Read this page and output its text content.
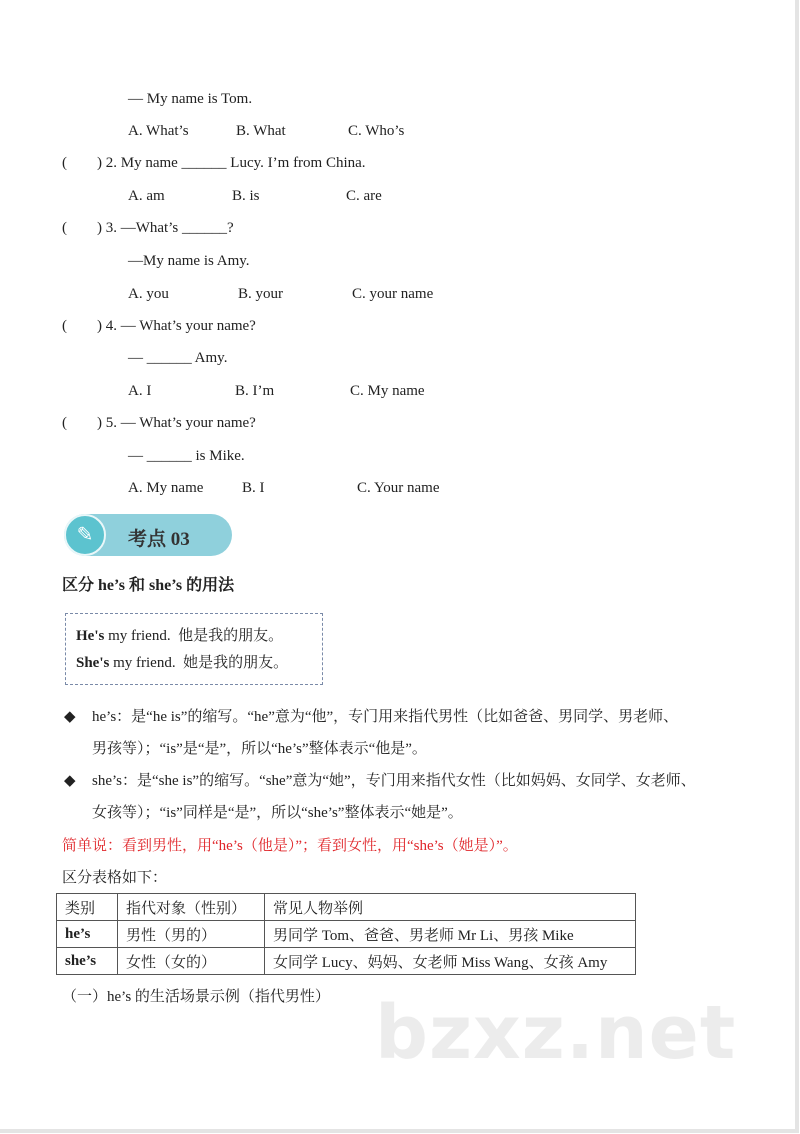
— My name is Tom.
A. What’s	B. What	C. Who’s
(        ) 2. My name ______ Lucy. I’m from China.
A. am	B. is	C. are
(        ) 3. —What’s ______?
—My name is Amy.
A. you	B. your	C. your name
(        ) 4. — What’s your name?
— ______ Amy.
A. I	B. I’m	C. My name
(        ) 5. — What’s your name?
— ______ is Mike.
A. My name	B. I	C. Your name
✎	考点 03
区分 he’s 和 she’s 的用法
He's my friend.  他是我的朋友。
She's my friend.  她是我的朋友。
◆ he’s：是“he is”的缩写。“he”意为“他”，专门用来指代男性（比如爸爸、男同学、男老师、
男孩等）；“is”是“是”，所以“he’s”整体表示“他是”。
◆ she’s：是“she is”的缩写。“she”意为“她”，专门用来指代女性（比如妈妈、女同学、女老师、
女孩等）；“is”同样是“是”，所以“she’s”整体表示“她是”。
简单说：看到男性，用“he’s（他是）”；看到女性，用“she’s（她是）”。
区分表格如下：
类别	指代对象（性别）	常见人物举例
he’s	男性（男的）	男同学 Tom、爸爸、男老师 Mr Li、男孩 Mike
she’s	女性（女的）	女同学 Lucy、妈妈、女老师 Miss Wang、女孩 Amy
（一）he’s 的生活场景示例（指代男性） bzxz.net
